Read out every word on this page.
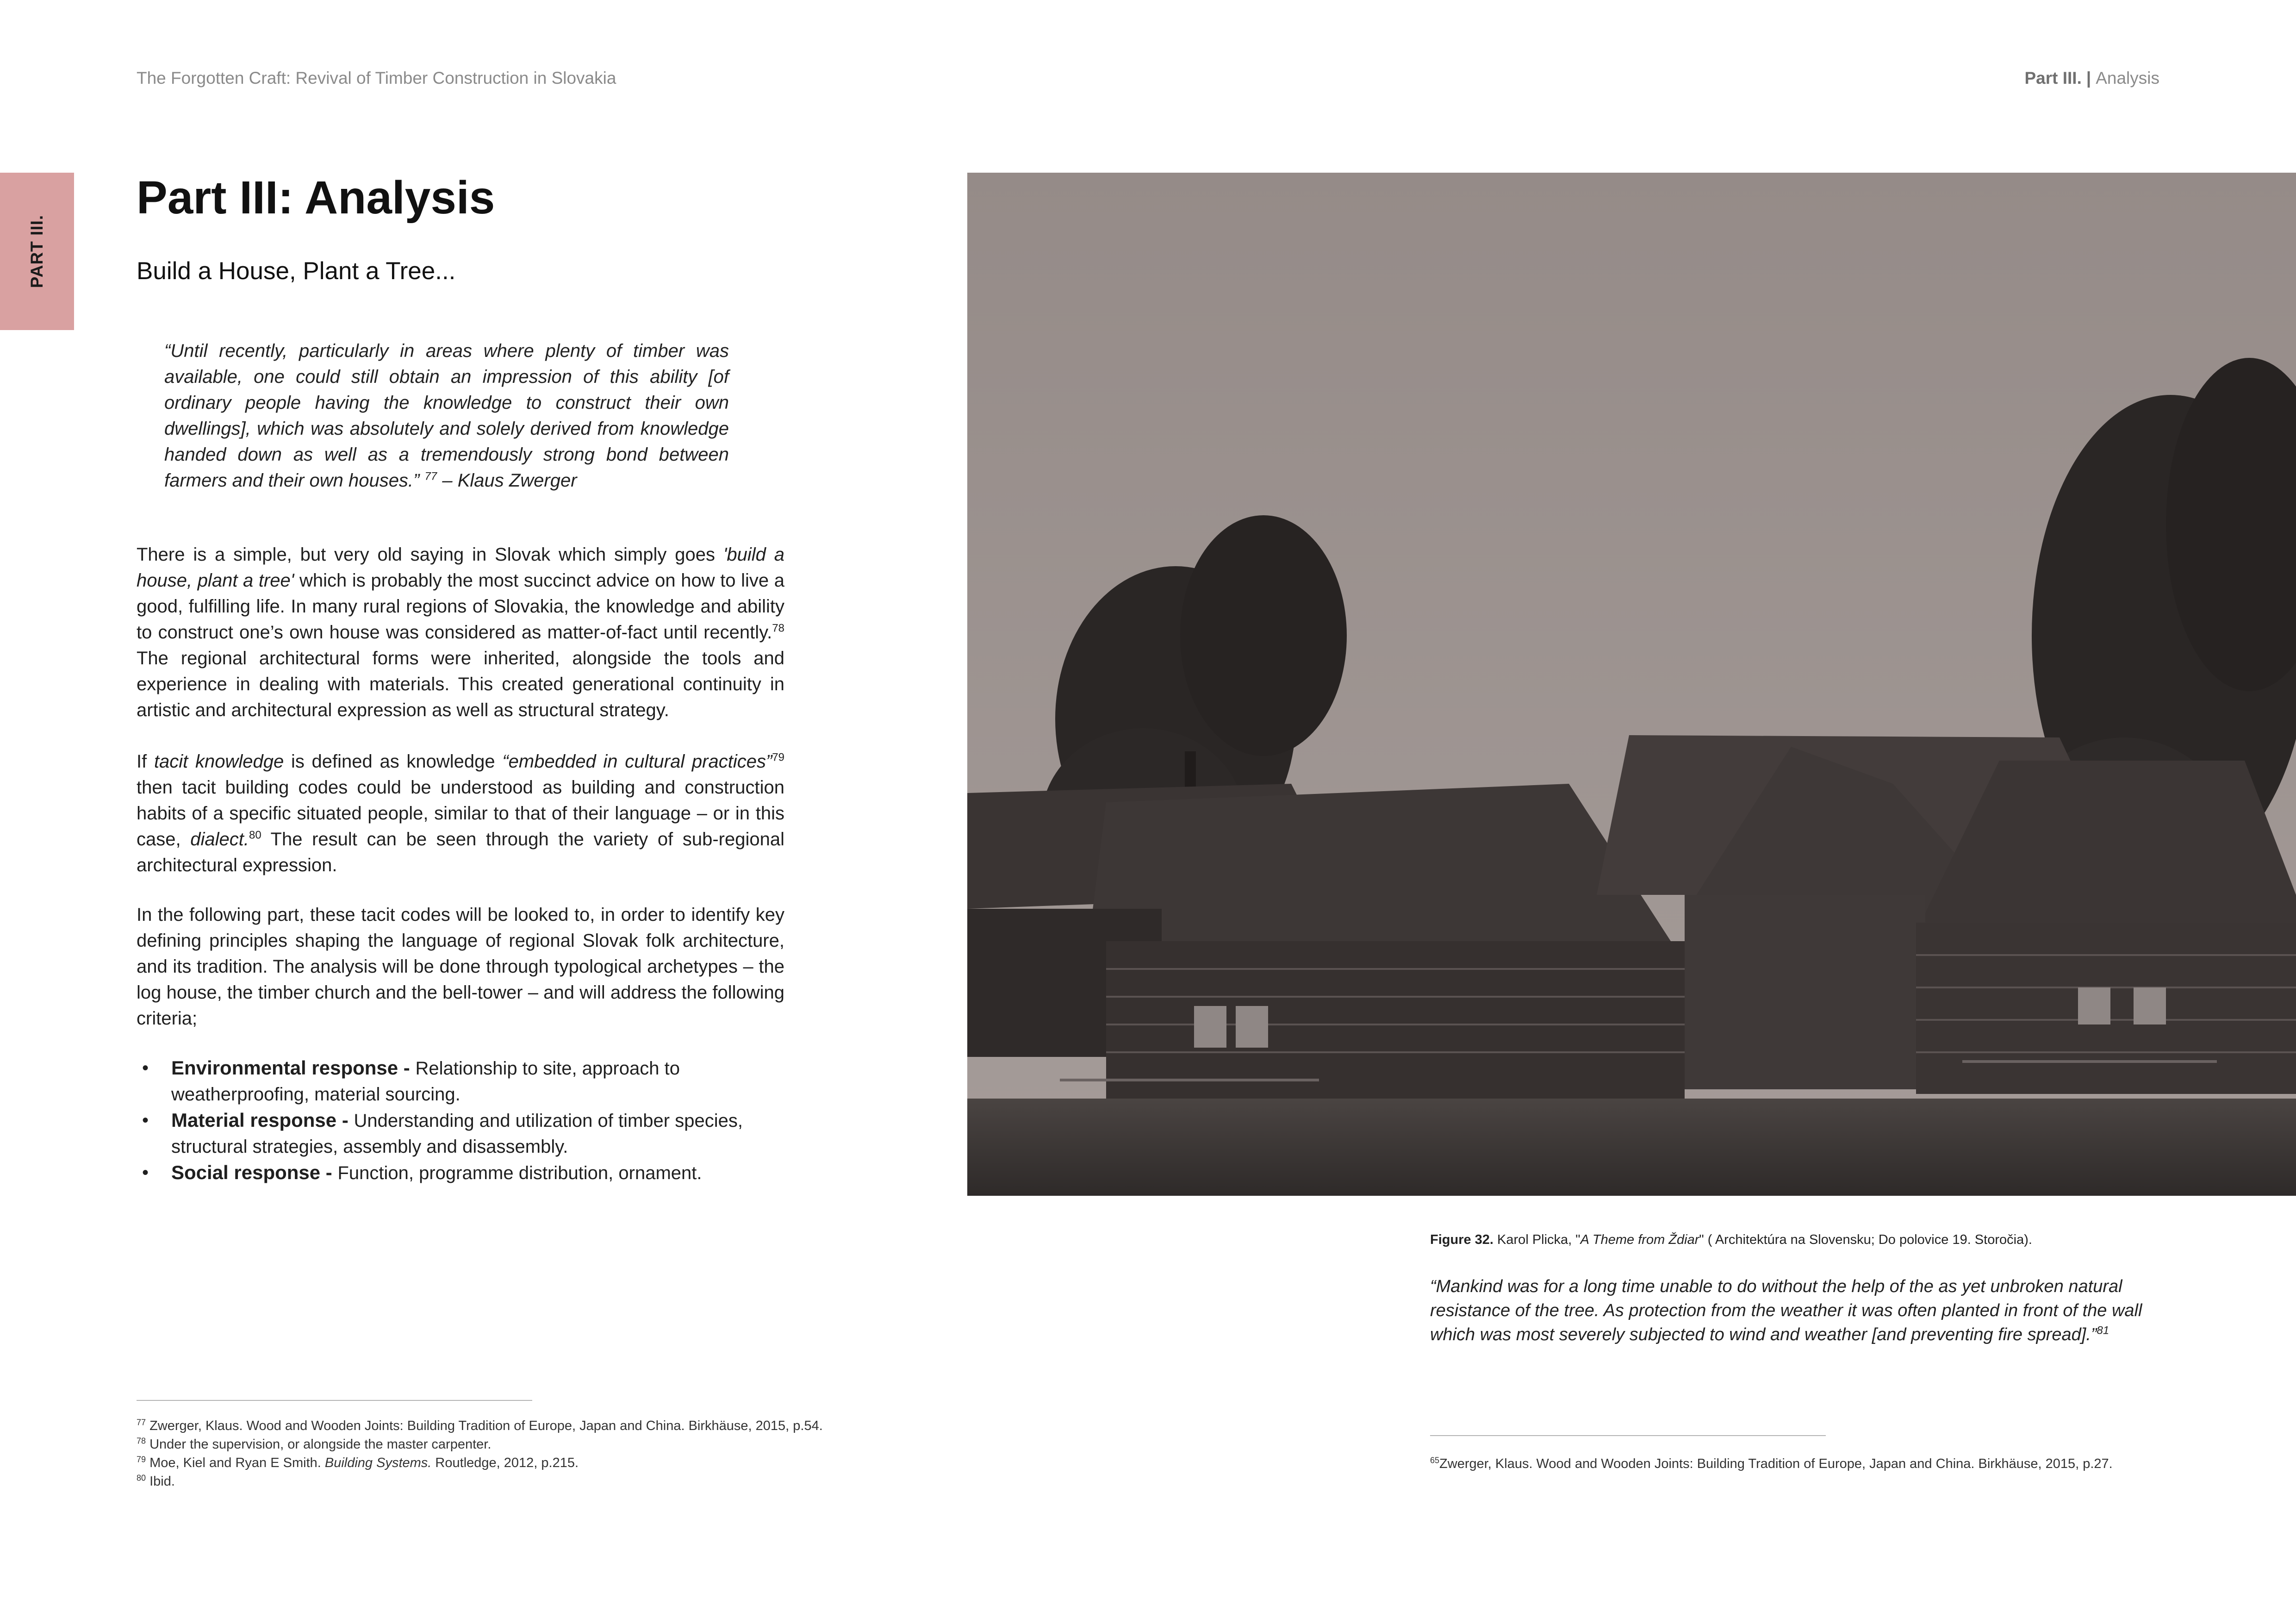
The Forgotten Craft: Revival of Timber Construction in Slovakia	Part III. | Analysis
PART III.
Part III: Analysis
Build a House, Plant a Tree...
“Until recently, particularly in areas where plenty of timber was available, one could still obtain an impression of this ability [of ordinary people having the knowledge to construct their own dwellings], which was absolutely and solely derived from knowledge handed down as well as a tremendously strong bond between farmers and their own houses.” $^{77}$ – Klaus Zwerger
There is a simple, but very old saying in Slovak which simply goes 'build a house, plant a tree' which is probably the most succinct advice on how to live a good, fulfilling life. In many rural regions of Slovakia, the knowledge and ability to construct one’s own house was considered as matter-of-fact until recently.$^{78}$ The regional architectural forms were inherited, alongside the tools and experience in dealing with materials. This created generational continuity in artistic and architectural expression as well as structural strategy.
If tacit knowledge is defined as knowledge “embedded in cultural practices”$^{79}$ then tacit building codes could be understood as building and construction habits of a specific situated people, similar to that of their language – or in this case, dialect.$^{80}$ The result can be seen through the variety of sub-regional architectural expression.
In the following part, these tacit codes will be looked to, in order to identify key defining principles shaping the language of regional Slovak folk architecture, and its tradition. The analysis will be done through typological archetypes – the log house, the timber church and the bell-tower – and will address the following criteria;
• Environmental response - Relationship to site, approach to weatherproofing, material sourcing.
• Material response - Understanding and utilization of timber species, structural strategies, assembly and disassembly.
• Social response - Function, programme distribution, ornament.
$^{77}$ Zwerger, Klaus. Wood and Wooden Joints: Building Tradition of Europe, Japan and China. Birkhäuse, 2015, p.54.
$^{78}$ Under the supervision, or alongside the master carpenter.
$^{79}$ Moe, Kiel and Ryan E Smith. Building Systems. Routledge, 2012, p.215.
$^{80}$ Ibid.
Figure 32. Karol Plicka, "A Theme from Ždiar" ( Architektúra na Slovensku; Do polovice 19. Storočia).
“Mankind was for a long time unable to do without the help of the as yet unbroken natural resistance of the tree. As protection from the weather it was often planted in front of the wall which was most severely subjected to wind and weather [and preventing fire spread].”$^{81}$
$^{65}$Zwerger, Klaus. Wood and Wooden Joints: Building Tradition of Europe, Japan and China. Birkhäuse, 2015, p.27.
